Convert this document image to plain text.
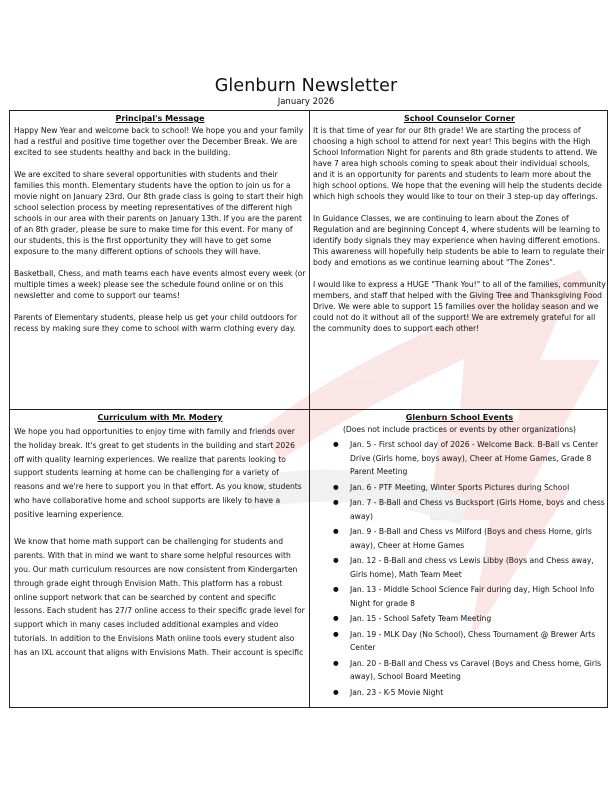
Glenburn Newsletter
January 2026
Principal's Message

Happy New Year and welcome back to school! We hope you and your family had a restful and positive time together over the December Break. We are excited to see students healthy and back in the building.

We are excited to share several opportunities with students and their families this month. Elementary students have the option to join us for a movie night on January 23rd. Our 8th grade class is going to start their high school selection process by meeting representatives of the different high schools in our area with their parents on January 13th. If you are the parent of an 8th grader, please be sure to make time for this event. For many of our students, this is the first opportunity they will have to get some exposure to the many different options of schools they will have.

Basketball, Chess, and math teams each have events almost every week (or multiple times a week) please see the schedule found online or on this newsletter and come to support our teams!

Parents of Elementary students, please help us get your child outdoors for recess by making sure they come to school with warm clothing every day.

School Counselor Corner

It is that time of year for our 8th grade! We are starting the process of choosing a high school to attend for next year! This begins with the High School Information Night for parents and 8th grade students to attend. We have 7 area high schools coming to speak about their individual schools, and it is an opportunity for parents and students to learn more about the high school options. We hope that the evening will help the students decide which high schools they would like to tour on their 3 step-up day offerings.

In Guidance Classes, we are continuing to learn about the Zones of Regulation and are beginning Concept 4, where students will be learning to identify body signals they may experience when having different emotions. This awareness will hopefully help students be able to learn to regulate their body and emotions as we continue learning about "The Zones".

I would like to express a HUGE "Thank You!" to all of the families, community members, and staff that helped with the Giving Tree and Thanksgiving Food Drive. We were able to support 15 families over the holiday season and we could not do it without all of the support! We are extremely grateful for all the community does to support each other!

Curriculum with Mr. Modery

We hope you had opportunities to enjoy time with family and friends over the holiday break. It's great to get students in the building and start 2026 off with quality learning experiences. We realize that parents looking to support students learning at home can be challenging for a variety of reasons and we're here to support you in that effort. As you know, students who have collaborative home and school supports are likely to have a positive learning experience.

We know that home math support can be challenging for students and parents. With that in mind we want to share some helpful resources with you. Our math curriculum resources are now consistent from Kindergarten through grade eight through Envision Math. This platform has a robust online support network that can be searched by content and specific lessons. Each student has 27/7 online access to their specific grade level for support which in many cases included additional examples and video tutorials. In addition to the Envisions Math online tools every student also has an IXL account that aligns with Envisions Math. Their account is specific

Glenburn School Events
(Does not include practices or events by other organizations)
● Jan. 5 - First school day of 2026 - Welcome Back. B-Ball vs Center Drive (Girls home, boys away), Cheer at Home Games, Grade 8 Parent Meeting
● Jan. 6 - PTF Meeting, Winter Sports Pictures during School
● Jan. 7 - B-Ball and Chess vs Bucksport (Girls Home, boys and chess away)
● Jan. 9 - B-Ball and Chess vs Milford (Boys and chess Home, girls away), Cheer at Home Games
● Jan. 12 - B-Ball and chess vs Lewis Libby (Boys and Chess away, Girls home), Math Team Meet
● Jan. 13 - Middle School Science Fair during day, High School Info Night for grade 8
● Jan. 15 - School Safety Team Meeting
● Jan. 19 - MLK Day (No School), Chess Tournament @ Brewer Arts Center
● Jan. 20 - B-Ball and Chess vs Caravel (Boys and Chess home, Girls away), School Board Meeting
● Jan. 23 - K-5 Movie Night
